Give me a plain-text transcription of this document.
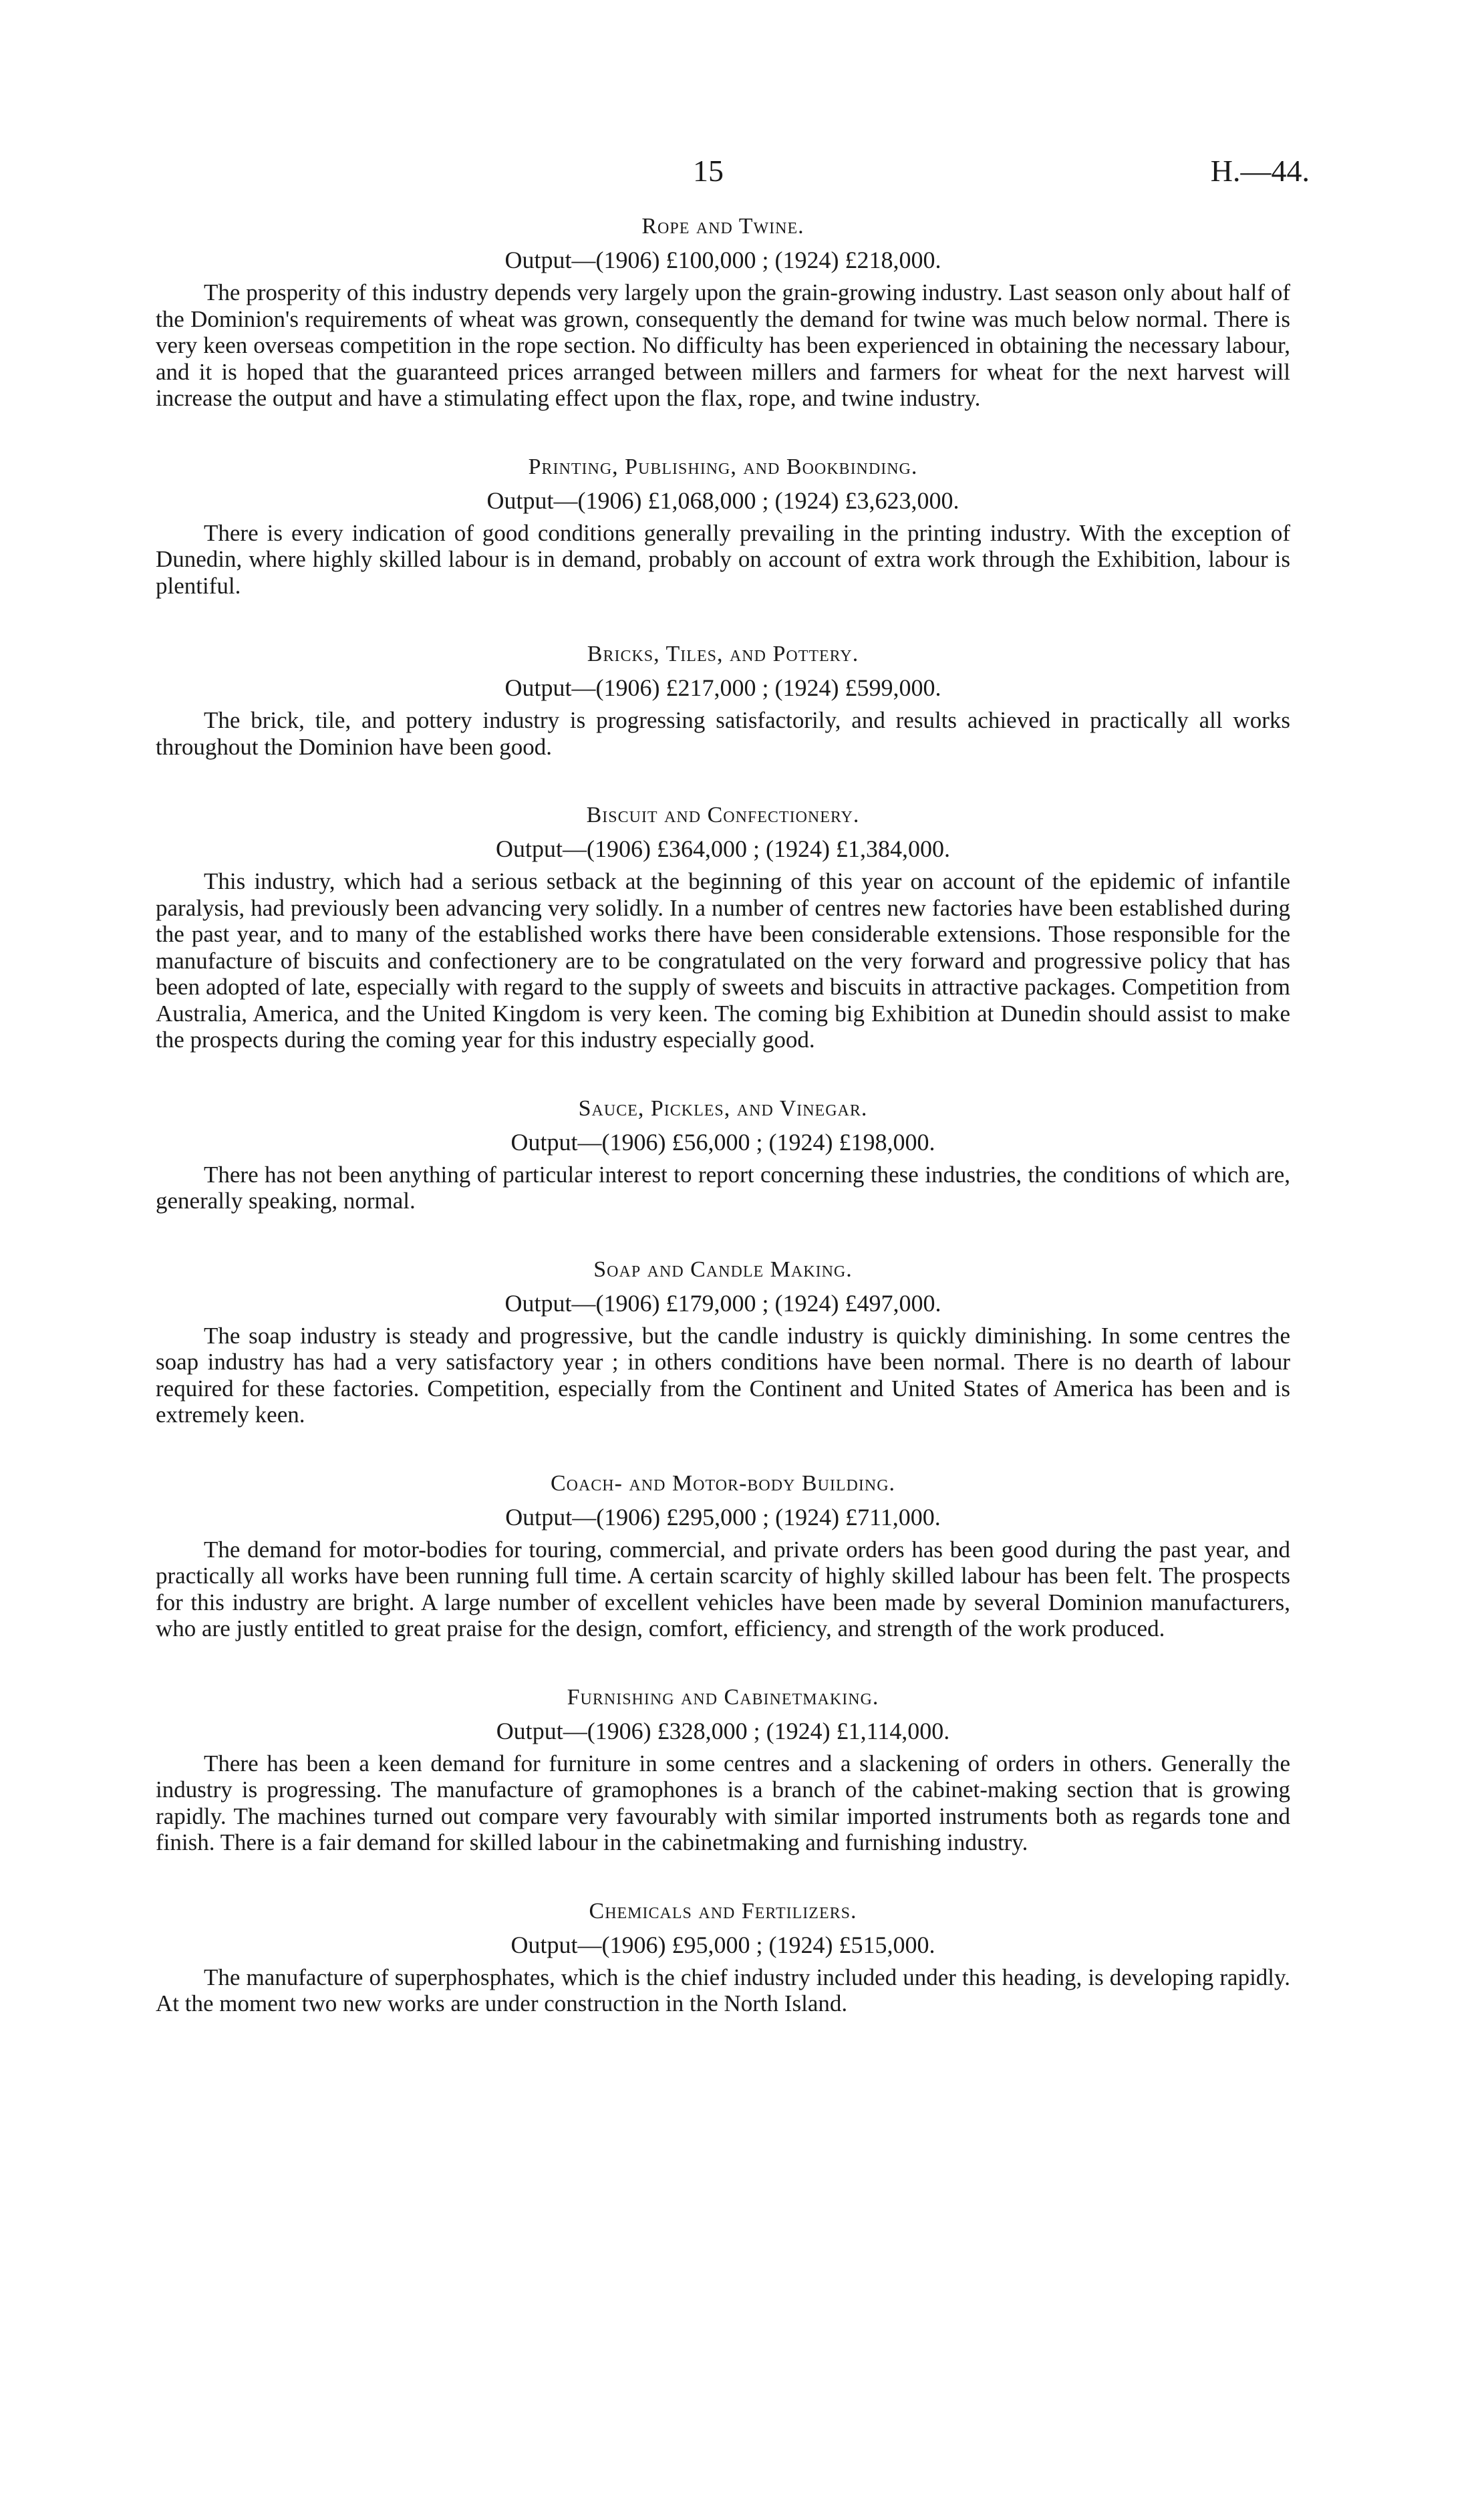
15	H.—44.
Rope and Twine.
Output—(1906) £100,000 ; (1924) £218,000.

The prosperity of this industry depends very largely upon the grain-growing industry. Last season only about half of the Dominion's requirements of wheat was grown, consequently the demand for twine was much below normal. There is very keen overseas competition in the rope section. No difficulty has been experienced in obtaining the necessary labour, and it is hoped that the guaranteed prices arranged between millers and farmers for wheat for the next harvest will increase the output and have a stimulating effect upon the flax, rope, and twine industry.

Printing, Publishing, and Bookbinding.
Output—(1906) £1,068,000 ; (1924) £3,623,000.

There is every indication of good conditions generally prevailing in the printing industry. With the exception of Dunedin, where highly skilled labour is in demand, probably on account of extra work through the Exhibition, labour is plentiful.

Bricks, Tiles, and Pottery.
Output—(1906) £217,000 ; (1924) £599,000.

The brick, tile, and pottery industry is progressing satisfactorily, and results achieved in practically all works throughout the Dominion have been good.

Biscuit and Confectionery.
Output—(1906) £364,000 ; (1924) £1,384,000.

This industry, which had a serious setback at the beginning of this year on account of the epidemic of infantile paralysis, had previously been advancing very solidly. In a number of centres new factories have been established during the past year, and to many of the established works there have been considerable extensions. Those responsible for the manufacture of biscuits and confectionery are to be congratulated on the very forward and progressive policy that has been adopted of late, especially with regard to the supply of sweets and biscuits in attractive packages. Competition from Australia, America, and the United Kingdom is very keen. The coming big Exhibition at Dunedin should assist to make the prospects during the coming year for this industry especially good.

Sauce, Pickles, and Vinegar.
Output—(1906) £56,000 ; (1924) £198,000.

There has not been anything of particular interest to report concerning these industries, the conditions of which are, generally speaking, normal.

Soap and Candle Making.
Output—(1906) £179,000 ; (1924) £497,000.

The soap industry is steady and progressive, but the candle industry is quickly diminishing. In some centres the soap industry has had a very satisfactory year ; in others conditions have been normal. There is no dearth of labour required for these factories. Competition, especially from the Continent and United States of America has been and is extremely keen.

Coach- and Motor-body Building.
Output—(1906) £295,000 ; (1924) £711,000.

The demand for motor-bodies for touring, commercial, and private orders has been good during the past year, and practically all works have been running full time. A certain scarcity of highly skilled labour has been felt. The prospects for this industry are bright. A large number of excellent vehicles have been made by several Dominion manufacturers, who are justly entitled to great praise for the design, comfort, efficiency, and strength of the work produced.

Furnishing and Cabinetmaking.
Output—(1906) £328,000 ; (1924) £1,114,000.

There has been a keen demand for furniture in some centres and a slackening of orders in others. Generally the industry is progressing. The manufacture of gramophones is a branch of the cabinet-making section that is growing rapidly. The machines turned out compare very favourably with similar imported instruments both as regards tone and finish. There is a fair demand for skilled labour in the cabinetmaking and furnishing industry.

Chemicals and Fertilizers.
Output—(1906) £95,000 ; (1924) £515,000.

The manufacture of superphosphates, which is the chief industry included under this heading, is developing rapidly. At the moment two new works are under construction in the North Island.
